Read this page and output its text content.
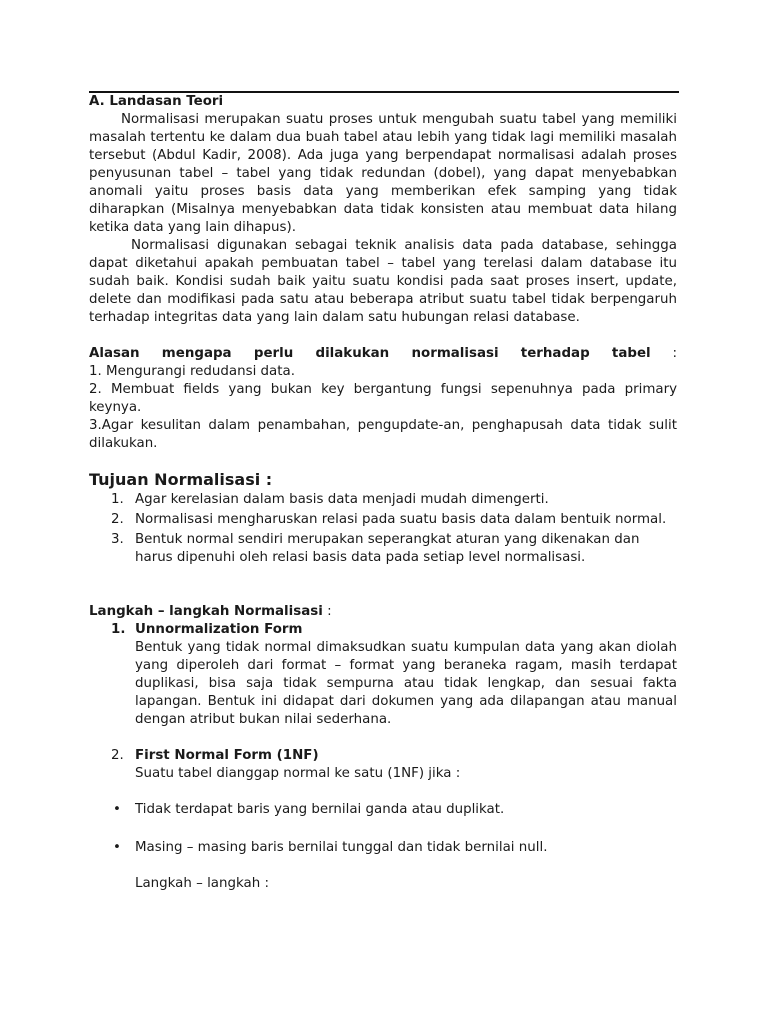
A. Landasan Teori

Normalisasi merupakan suatu proses untuk mengubah suatu tabel yang memiliki masalah tertentu ke dalam dua buah tabel atau lebih yang tidak lagi memiliki masalah tersebut (Abdul Kadir, 2008). Ada juga yang berpendapat normalisasi adalah proses penyusunan tabel – tabel yang tidak redundan (dobel), yang dapat menyebabkan anomali yaitu proses basis data yang memberikan efek samping yang tidak diharapkan (Misalnya menyebabkan data tidak konsisten atau membuat data hilang ketika data yang lain dihapus).

Normalisasi digunakan sebagai teknik analisis data pada database, sehingga dapat diketahui apakah pembuatan tabel – tabel yang terelasi dalam database itu sudah baik. Kondisi sudah baik yaitu suatu kondisi pada saat proses insert, update, delete dan modifikasi pada satu atau beberapa atribut suatu tabel tidak berpengaruh terhadap integritas data yang lain dalam satu hubungan relasi database.

Alasan mengapa perlu dilakukan normalisasi terhadap tabel :

1. Mengurangi redudansi data.

2. Membuat fields yang bukan key bergantung fungsi sepenuhnya pada primary keynya.

3.Agar kesulitan dalam penambahan, pengupdate-an, penghapusah data tidak sulit dilakukan.

Tujuan Normalisasi :

1. Agar kerelasian dalam basis data menjadi mudah dimengerti.
2. Normalisasi mengharuskan relasi pada suatu basis data dalam bentuik normal.
3. Bentuk normal sendiri merupakan seperangkat aturan yang dikenakan dan harus dipenuhi oleh relasi basis data pada setiap level normalisasi.

Langkah – langkah Normalisasi :

1. Unnormalization Form

Bentuk yang tidak normal dimaksudkan suatu kumpulan data yang akan diolah yang diperoleh dari format – format yang beraneka ragam, masih terdapat duplikasi, bisa saja tidak sempurna atau tidak lengkap, dan sesuai fakta lapangan. Bentuk ini didapat dari dokumen yang ada dilapangan atau manual dengan atribut bukan nilai sederhana.

2. First Normal Form (1NF)

Suatu tabel dianggap normal ke satu (1NF) jika :

• Tidak terdapat baris yang bernilai ganda atau duplikat.

• Masing – masing baris bernilai tunggal dan tidak bernilai null.

Langkah – langkah :
